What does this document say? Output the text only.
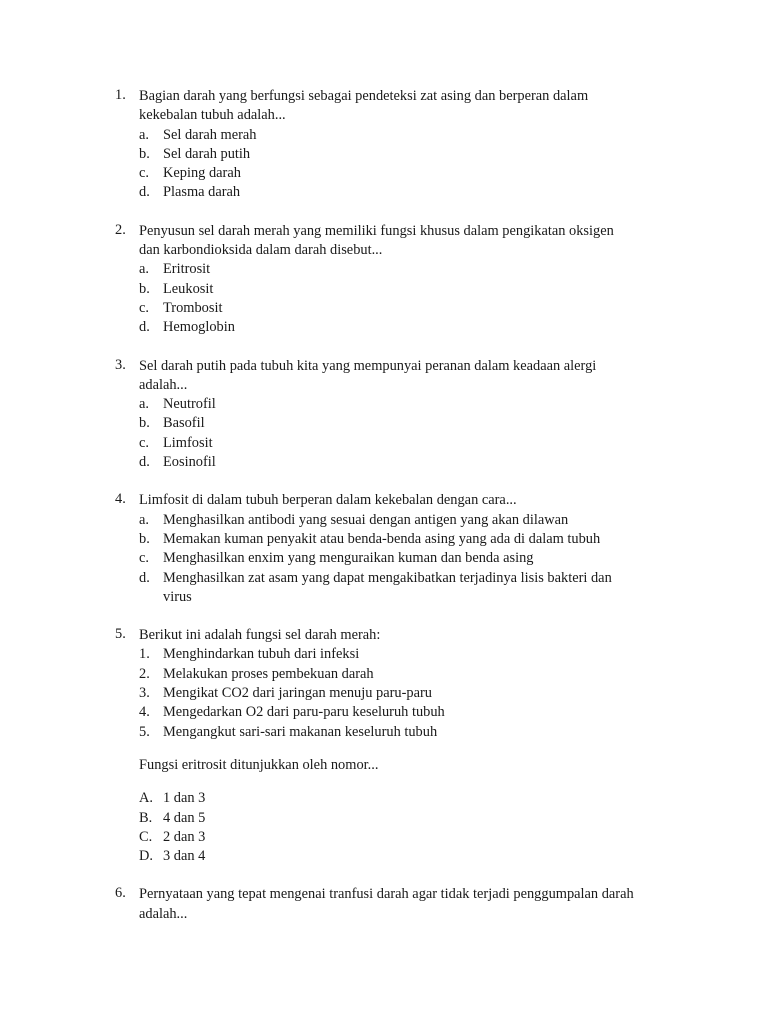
1. Bagian darah yang berfungsi sebagai pendeteksi zat asing dan berperan dalam
kekebalan tubuh adalah...
a. Sel darah merah
b. Sel darah putih
c. Keping darah
d. Plasma darah
2. Penyusun sel darah merah yang memiliki fungsi khusus dalam pengikatan oksigen
dan karbondioksida dalam darah disebut...
a. Eritrosit
b. Leukosit
c. Trombosit
d. Hemoglobin
3. Sel darah putih pada tubuh kita yang mempunyai peranan dalam keadaan alergi
adalah...
a. Neutrofil
b. Basofil
c. Limfosit
d. Eosinofil
4. Limfosit di dalam tubuh berperan dalam kekebalan dengan cara...
a. Menghasilkan antibodi yang sesuai dengan antigen yang akan dilawan
b. Memakan kuman penyakit atau benda-benda asing yang ada di dalam tubuh
c. Menghasilkan enxim yang menguraikan kuman dan benda asing
d. Menghasilkan zat asam yang dapat mengakibatkan terjadinya lisis bakteri dan
virus
5. Berikut ini adalah fungsi sel darah merah:
1. Menghindarkan tubuh dari infeksi
2. Melakukan proses pembekuan darah
3. Mengikat CO2 dari jaringan menuju paru-paru
4. Mengedarkan O2 dari paru-paru keseluruh tubuh
5. Mengangkut sari-sari makanan keseluruh tubuh
Fungsi eritrosit ditunjukkan oleh nomor...
A. 1 dan 3
B. 4 dan 5
C. 2 dan 3
D. 3 dan 4
6. Pernyataan yang tepat mengenai tranfusi darah agar tidak terjadi penggumpalan darah
adalah...
